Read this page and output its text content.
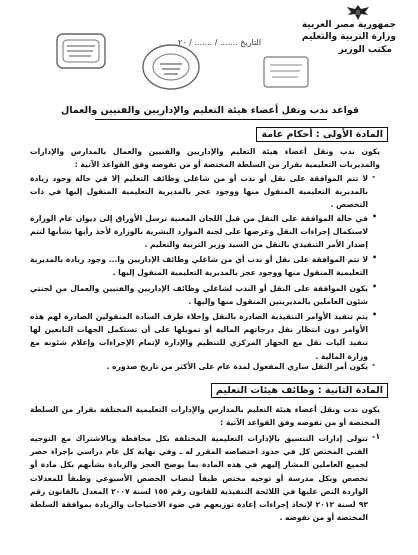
جمهورية مصر العربية
وزارة التربية والتعليم
مكتب الوزير
التاريخ ....... / ....... / ٢٠
قواعد ندب ونقل أعضاء هيئة التعليم والإداريين والفنيين والعمال
المادة الأولى : أحكام عامة
يكون ندب ونقل أعضاء هيئة التعليم والإداريين والفنيين والعمال بالمدارس والإدارات والمديريات التعليمية بقرار من السلطة المختصة أو من تفوضه وفق القواعد الآتية :
-
لا تتم الموافقة على نقل أو ندب أو من شاغلي وظائف التعليم إلا في حالة وجود زيادة بالمديرية التعليمية المنقول منها ووجود عجز بالمديرية التعليمية المنقول إليها في ذات التخصص .
•
في حالة الموافقة على النقل من قبل اللجان المعنية ترسل الأوراق إلى ديوان عام الوزارة لاستكمال إجراءات النقل وعرضها على لجنة الموارد البشرية بالوزارة لأخذ رأيها بشأنها لتتم إصدار الأمر التنفيذي بالنقل من السيد وزير التربية والتعليم .
•
لا تتم الموافقة على نقل أو ندب أي من شاغلي وظائف الإداريين وا... وجود زيادة بالمديرية التعليمية المنقول منها ووجود عجز بالمديرية التعليمية المنقول إليها .
•
يكون الموافقة على النقل أو الندب لشاغلي وظائف الإداريين والفنيين والعمال من لجنتي شئون العاملين بالمديريتين المنقول منها وإليها .
•
يتم تنفيذ الأوامر التنفيذية الصادرة بالنقل وإخلاء طرف السادة المنقولين الصادرة لهم هذه الأوامر دون انتظار نقل درجاتهم المالية أو تمويلها على أن تستكمل الجهات التابعين لها تنفيذ آليات نقل مع الجهاز المركزي للتنظيم والإدارة لإتمام الإجراءات وإعلام شئونه مع وزارة المالية .
-
يكون أمر النقل ساري المفعول لمدة عام على الأكثر من تاريخ صدوره .
المادة الثانية : وظائف هيئات التعليم
يكون ندب ونقل أعضاء هيئة التعليم بالمدارس والإدارات التعليمية المختلفة بقرار من السلطة المختصة أو من تفوضه وفق القواعد الآتية :
-١
تتولى إدارات التنسيق بالإدارات التعليمية المختلفة بكل محافظة وبالاشتراك مع التوجيه الفني المختص كل في حدود اختصاصه المقرر له ـ وفي نهاية كل عام دراسي بإجراء حصر لجميع العاملين المشار إليهم في هذه المادة بما يوضح العجز والزيادة بشأنهم بكل مادة أو تخصص وبكل مدرسة أو توجيه مختص طبقاً لنصاب الحصص الأسبوعي وطبقاً للمعدلات الواردة النص عليها في اللائحة التنفيذية للقانون رقم ١٥٥ لسنة ٢٠٠٧ المعدل بالقانون رقم ٩٣ لسنة ٢٠١٢ لإتخاذ إجراءات إعادة توزيعهم في ضوء الاحتياجات والزيادة بموافقة السلطة المختصة أو من تفوضه .
